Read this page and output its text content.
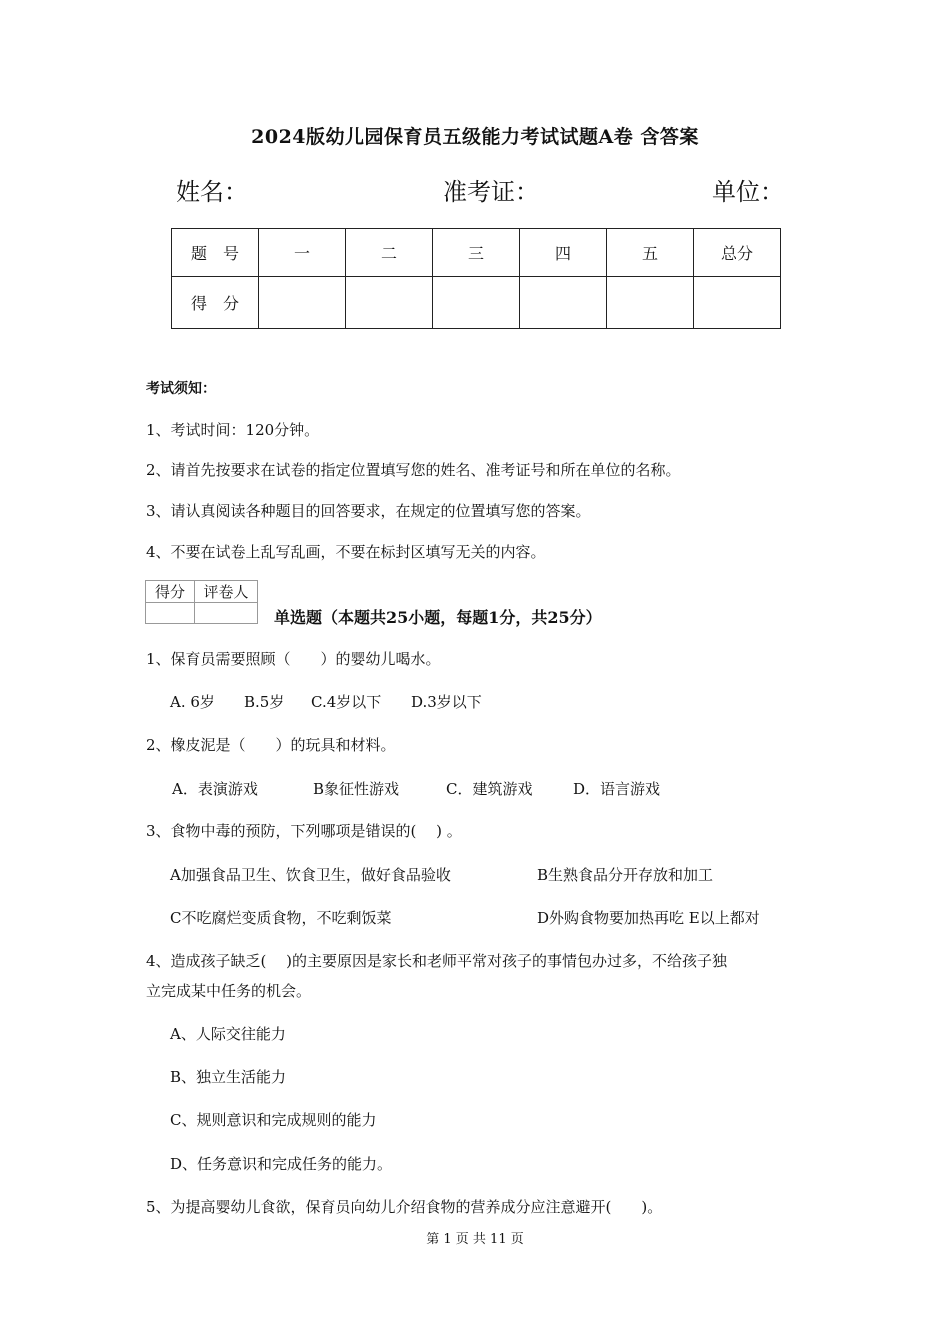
2024版幼儿园保育员五级能力考试试题A卷 含答案
姓名：	准考证：	单位：
题　号	一	二	三	四	五	总分
得　分						
考试须知：
1、考试时间：120分钟。
2、请首先按要求在试卷的指定位置填写您的姓名、准考证号和所在单位的名称。
3、请认真阅读各种题目的回答要求，在规定的位置填写您的答案。
4、不要在试卷上乱写乱画，不要在标封区填写无关的内容。
得分	评卷人

单选题（本题共25小题，每题1分，共25分）
1、保育员需要照顾（　　）的婴幼儿喝水。
A. 6岁 B.5岁 C.4岁以下 D.3岁以下
2、橡皮泥是（　　）的玩具和材料。
A．表演游戏	B象征性游戏	C．建筑游戏	D．语言游戏
3、食物中毒的预防，下列哪项是错误的(　 ) 。
A加强食品卫生、饮食卫生，做好食品验收	B生熟食品分开存放和加工
C不吃腐烂变质食物，不吃剩饭菜	D外购食物要加热再吃 E以上都对
4、造成孩子缺乏(　 )的主要原因是家长和老师平常对孩子的事情包办过多，不给孩子独
立完成某中任务的机会。
A、人际交往能力
B、独立生活能力
C、规则意识和完成规则的能力
D、任务意识和完成任务的能力。
5、为提高婴幼儿食欲，保育员向幼儿介绍食物的营养成分应注意避开(　　)。
第 1 页 共 11 页
